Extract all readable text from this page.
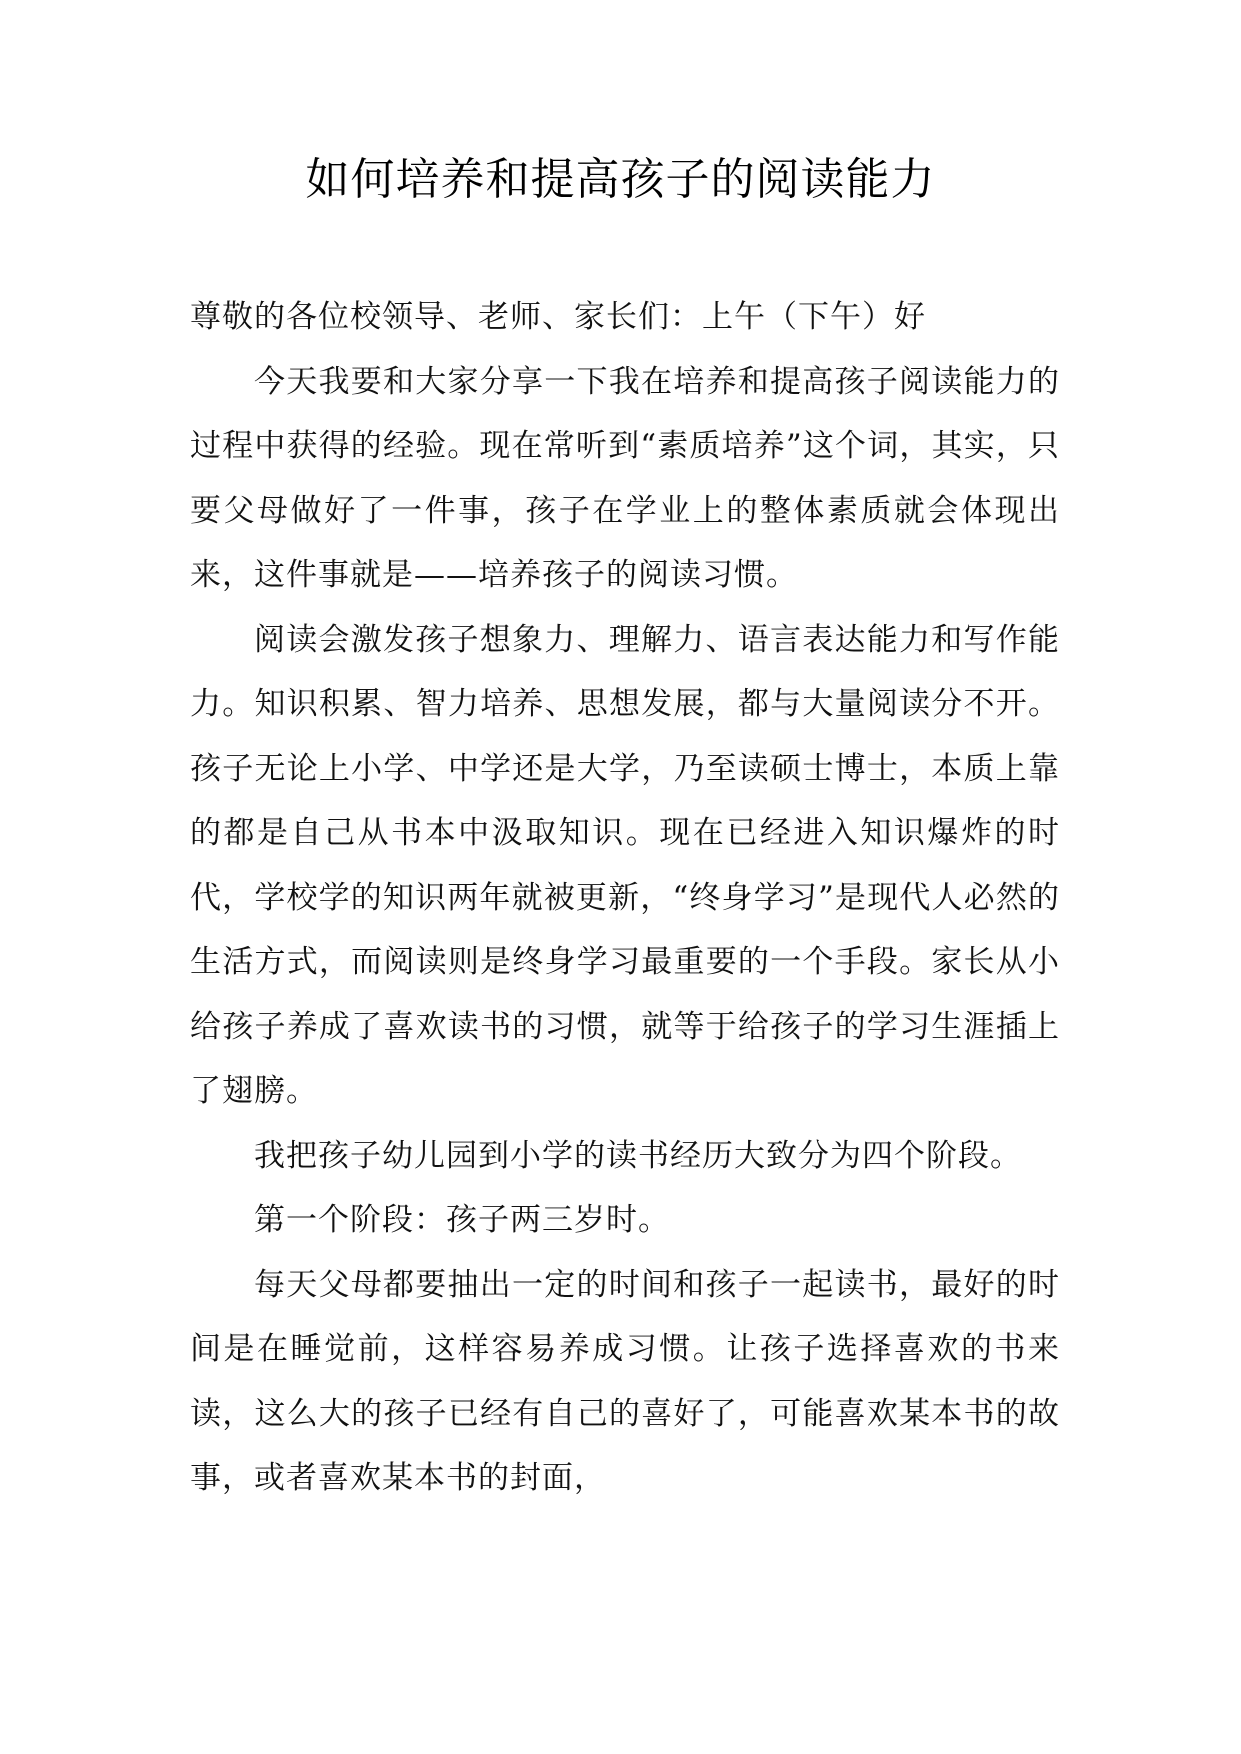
如何培养和提高孩子的阅读能力

尊敬的各位校领导、老师、家长们：上午（下午）好

今天我要和大家分享一下我在培养和提高孩子阅读能力的过程中获得的经验。现在常听到“素质培养”这个词，其实，只要父母做好了一件事，孩子在学业上的整体素质就会体现出来，这件事就是——培养孩子的阅读习惯。

阅读会激发孩子想象力、理解力、语言表达能力和写作能力。知识积累、智力培养、思想发展，都与大量阅读分不开。孩子无论上小学、中学还是大学，乃至读硕士博士，本质上靠的都是自己从书本中汲取知识。现在已经进入知识爆炸的时代，学校学的知识两年就被更新，“终身学习”是现代人必然的生活方式，而阅读则是终身学习最重要的一个手段。家长从小给孩子养成了喜欢读书的习惯，就等于给孩子的学习生涯插上了翅膀。

我把孩子幼儿园到小学的读书经历大致分为四个阶段。

第一个阶段：孩子两三岁时。

每天父母都要抽出一定的时间和孩子一起读书，最好的时间是在睡觉前，这样容易养成习惯。让孩子选择喜欢的书来读，这么大的孩子已经有自己的喜好了，可能喜欢某本书的故事，或者喜欢某本书的封面，
